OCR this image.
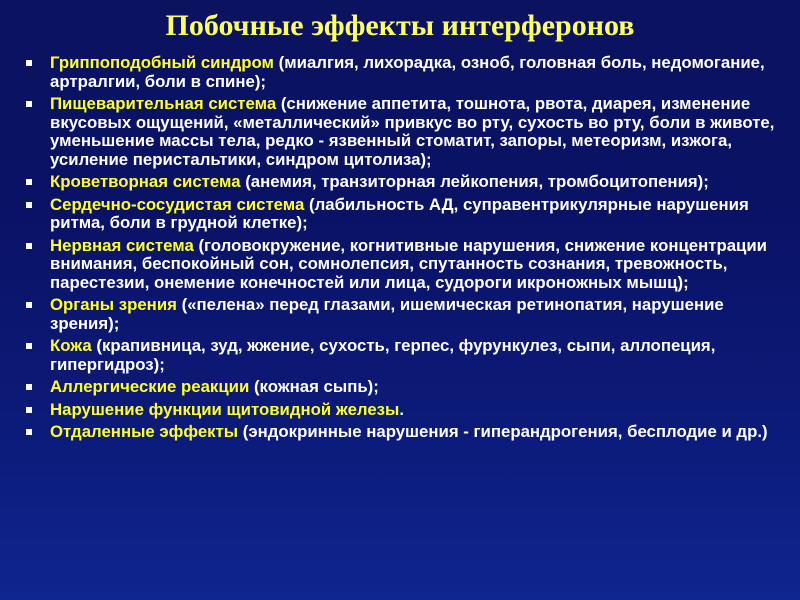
Побочные эффекты интерферонов
Гриппоподобный синдром (миалгия, лихорадка, озноб, головная боль, недомогание, артралгии, боли в спине);
Пищеварительная система (снижение аппетита, тошнота, рвота, диарея, изменение вкусовых ощущений, «металлический» привкус во рту, сухость во рту, боли в животе, уменьшение массы тела, редко - язвенный стоматит, запоры, метеоризм, изжога, усиление перистальтики, синдром цитолиза);
Кроветворная система (анемия, транзиторная лейкопения, тромбоцитопения);
Сердечно-сосудистая система (лабильность АД, суправентрикулярные нарушения ритма, боли в грудной клетке);
Нервная система (головокружение, когнитивные нарушения, снижение концентрации внимания, беспокойный сон, сомнолепсия, спутанность сознания, тревожность, парестезии, онемение конечностей или лица, судороги икроножных мышц);
Органы зрения («пелена» перед глазами, ишемическая ретинопатия, нарушение зрения);
Кожа (крапивница, зуд, жжение, сухость, герпес, фурункулез, сыпи, аллопеция, гипергидроз);
Аллергические реакции (кожная сыпь);
Нарушение функции щитовидной железы.
Отдаленные эффекты (эндокринные нарушения - гиперандрогения, бесплодие и др.)
